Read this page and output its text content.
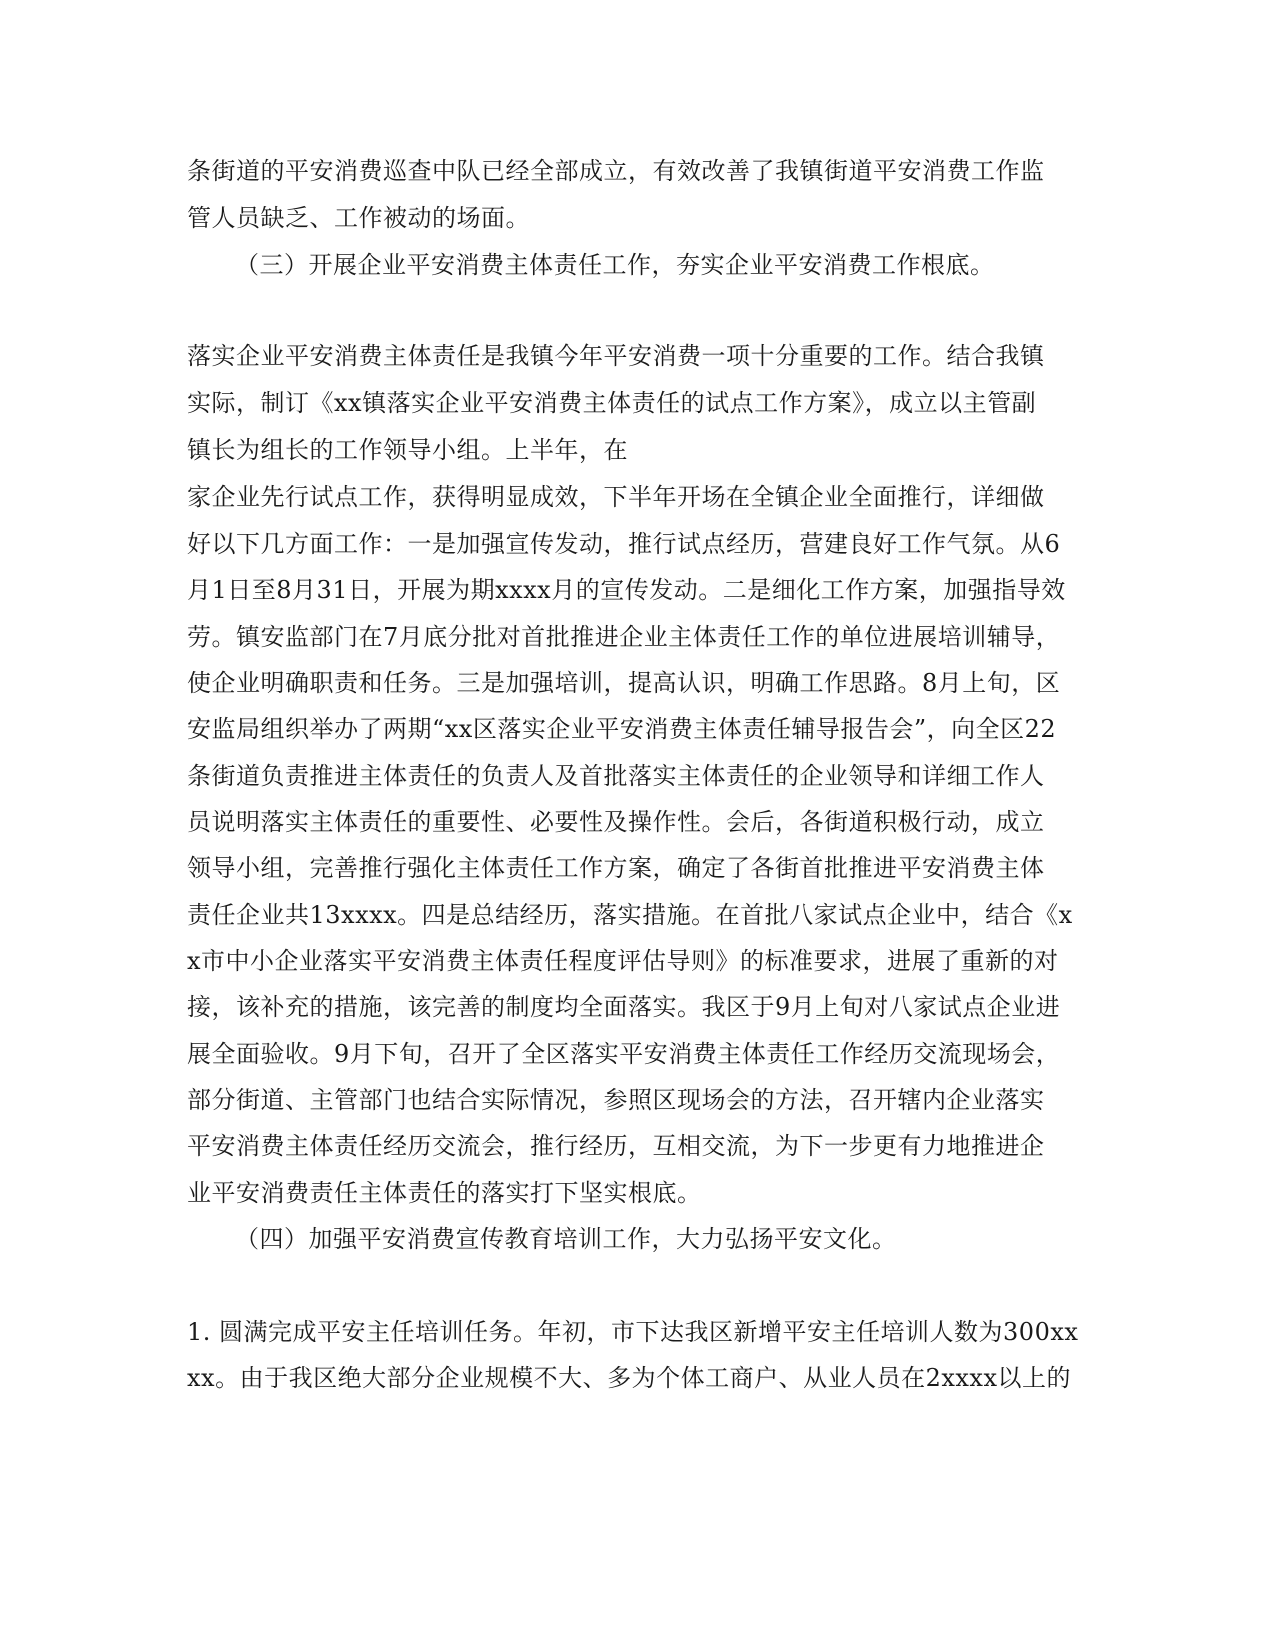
条街道的平安消费巡查中队已经全部成立，有效改善了我镇街道平安消费工作监
管人员缺乏、工作被动的场面。
（三）开展企业平安消费主体责任工作，夯实企业平安消费工作根底。
落实企业平安消费主体责任是我镇今年平安消费一项十分重要的工作。结合我镇
实际，制订《xx镇落实企业平安消费主体责任的试点工作方案》，成立以主管副
镇长为组长的工作领导小组。上半年，在
家企业先行试点工作，获得明显成效，下半年开场在全镇企业全面推行，详细做
好以下几方面工作：一是加强宣传发动，推行试点经历，营建良好工作气氛。从6
月1日至8月31日，开展为期xxxx月的宣传发动。二是细化工作方案，加强指导效
劳。镇安监部门在7月底分批对首批推进企业主体责任工作的单位进展培训辅导，
使企业明确职责和任务。三是加强培训，提高认识，明确工作思路。8月上旬，区
安监局组织举办了两期“xx区落实企业平安消费主体责任辅导报告会”，向全区22
条街道负责推进主体责任的负责人及首批落实主体责任的企业领导和详细工作人
员说明落实主体责任的重要性、必要性及操作性。会后，各街道积极行动，成立
领导小组，完善推行强化主体责任工作方案，确定了各街首批推进平安消费主体
责任企业共13xxxx。四是总结经历，落实措施。在首批八家试点企业中，结合《x
x市中小企业落实平安消费主体责任程度评估导则》的标准要求，进展了重新的对
接，该补充的措施，该完善的制度均全面落实。我区于9月上旬对八家试点企业进
展全面验收。9月下旬，召开了全区落实平安消费主体责任工作经历交流现场会，
部分街道、主管部门也结合实际情况，参照区现场会的方法，召开辖内企业落实
平安消费主体责任经历交流会，推行经历，互相交流，为下一步更有力地推进企
业平安消费责任主体责任的落实打下坚实根底。
（四）加强平安消费宣传教育培训工作，大力弘扬平安文化。
1. 圆满完成平安主任培训任务。年初，市下达我区新增平安主任培训人数为300xx
xx。由于我区绝大部分企业规模不大、多为个体工商户、从业人员在2xxxx以上的
